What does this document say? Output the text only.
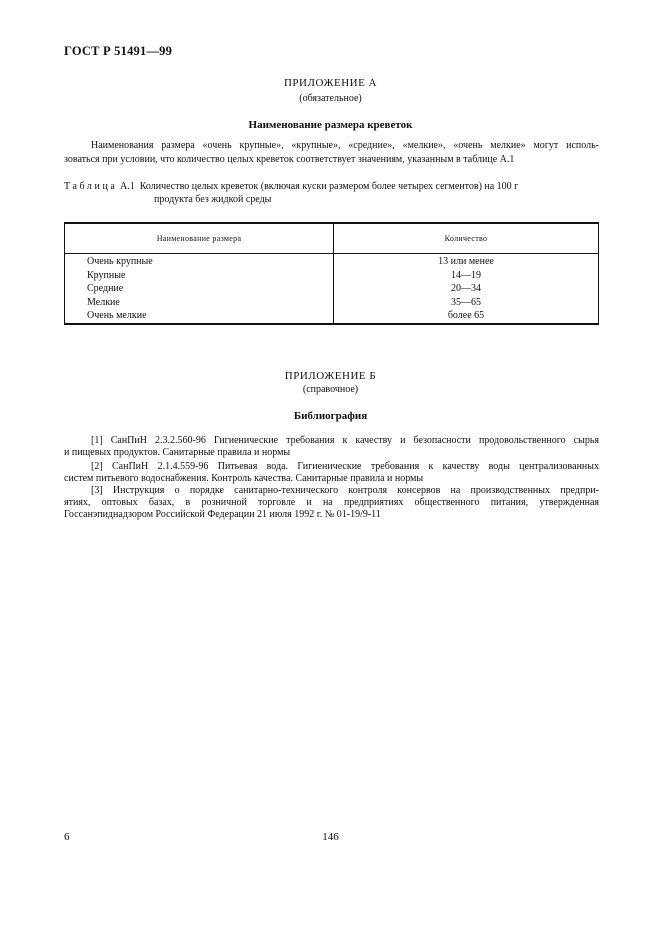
ГОСТ Р 51491—99
ПРИЛОЖЕНИЕ А
(обязательное)
Наименование размера креветок
Наименования размера «очень крупные», «крупные», «средние», «мелкие», «очень мелкие» могут исполь-
зоваться при условии, что количество целых креветок соответствует значениям, указанным в таблице А.1
Таблица А.1 Количество целых креветок (включая куски размером более четырех сегментов) на 100 г
продукта без жидкой среды
Наименование размера	Количество
Очень крупные	13 или менее
Крупные	14—19
Средние	20—34
Мелкие	35—65
Очень мелкие	более 65
ПРИЛОЖЕНИЕ Б
(справочное)
Библиография
[1] СанПиН 2.3.2.560-96 Гигиенические требования к качеству и безопасности продовольственного сырья
и пищевых продуктов. Санитарные правила и нормы
[2] СанПиН 2.1.4.559-96 Питьевая вода. Гигиенические требования к качеству воды централизованных
систем питьевого водоснабжения. Контроль качества. Санитарные правила и нормы
[3] Инструкция о порядке санитарно-технического контроля консервов на производственных предпри-
ятиях, оптовых базах, в розничной торговле и на предприятиях общественного питания, утвержденная
Госсанэпиднадзором Российской Федерации 21 июля 1992 г. № 01-19/9-11
6	146
